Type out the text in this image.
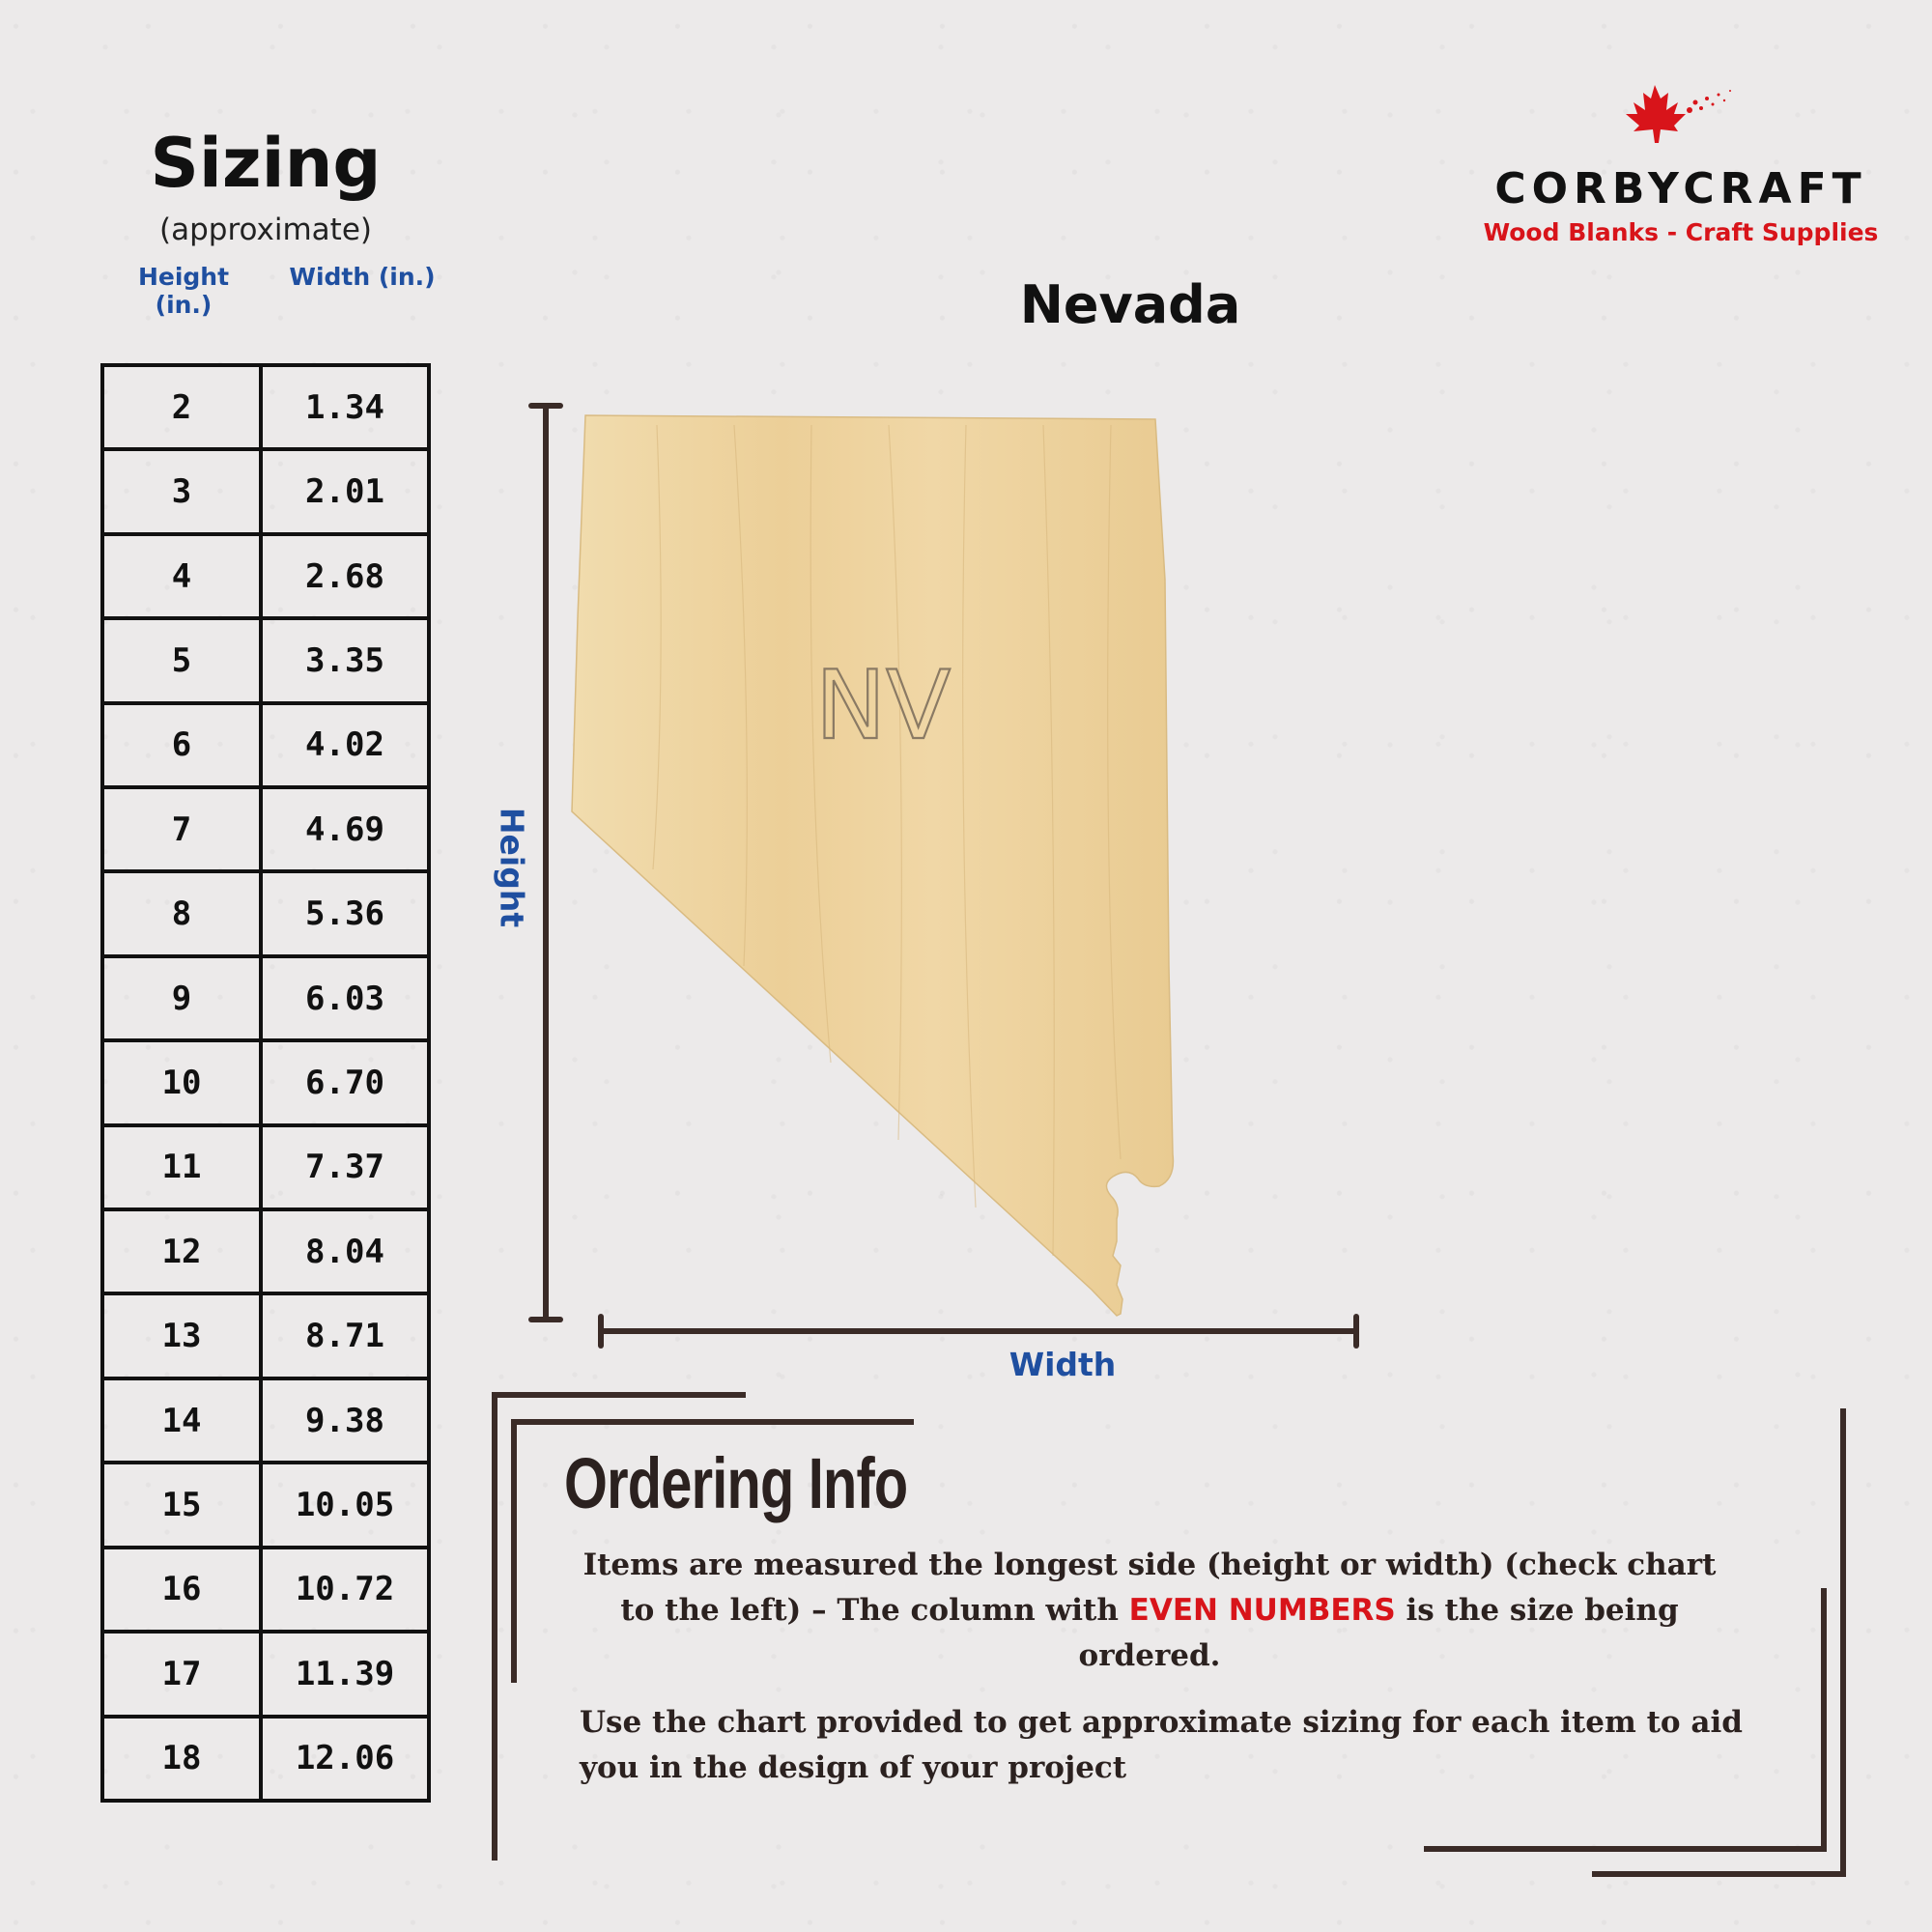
Sizing
(approximate)
Height (in.)
Width (in.)
2	1.34
3	2.01
4	2.68
5	3.35
6	4.02
7	4.69
8	5.36
9	6.03
10	6.70
11	7.37
12	8.04
13	8.71
14	9.38
15	10.05
16	10.72
17	11.39
18	12.06
CORBYCRAFT
Wood Blanks - Craft Supplies
Nevada
NV
Height
Width
Ordering Info
Items are measured the longest side (height or width) (check chart to the left) – The column with EVEN NUMBERS is the size being ordered.
Use the chart provided to get approximate sizing for each item to aid you in the design of your project
